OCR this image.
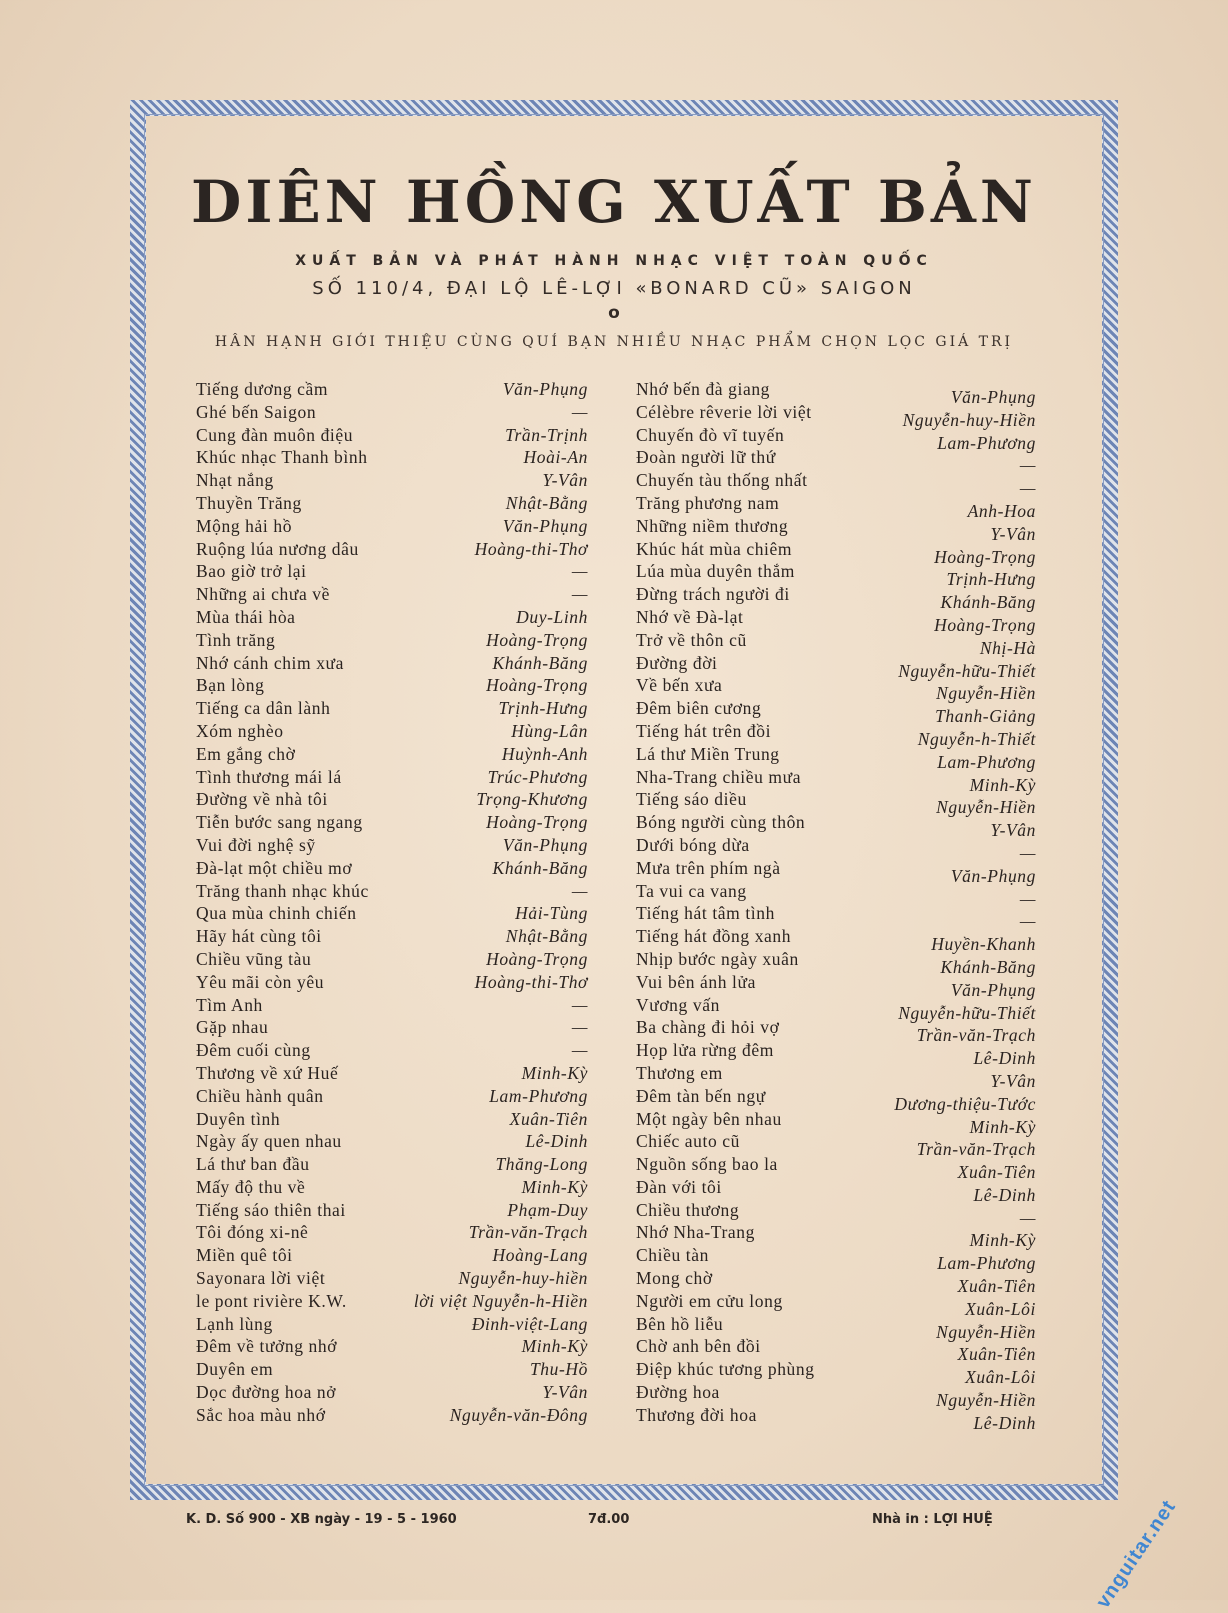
DIÊN HỒNG XUẤT BẢN
XUẤT BẢN VÀ PHÁT HÀNH NHẠC VIỆT TOÀN QUỐC
SỐ 110/4, ĐẠI LỘ LÊ-LỢI «BONARD CŨ» SAIGON
o
HÂN HẠNH GIỚI THIỆU CÙNG QUÍ BẠN NHIỀU NHẠC PHẨM CHỌN LỌC GIÁ TRỊ
Tiếng dương cầm	Văn-Phụng
Ghé bến Saigon	—
Cung đàn muôn điệu	Trần-Trịnh
Khúc nhạc Thanh bình	Hoài-An
Nhạt nắng	Y-Vân
Thuyền Trăng	Nhật-Bằng
Mộng hải hồ	Văn-Phụng
Ruộng lúa nương dâu	Hoàng-thi-Thơ
Bao giờ trở lại	—
Những ai chưa về	—
Mùa thái hòa	Duy-Linh
Tình trăng	Hoàng-Trọng
Nhớ cánh chim xưa	Khánh-Băng
Bạn lòng	Hoàng-Trọng
Tiếng ca dân lành	Trịnh-Hưng
Xóm nghèo	Hùng-Lân
Em gắng chờ	Huỳnh-Anh
Tình thương mái lá	Trúc-Phương
Đường về nhà tôi	Trọng-Khương
Tiễn bước sang ngang	Hoàng-Trọng
Vui đời nghệ sỹ	Văn-Phụng
Đà-lạt một chiều mơ	Khánh-Băng
Trăng thanh nhạc khúc	—
Qua mùa chinh chiến	Hải-Tùng
Hãy hát cùng tôi	Nhật-Bằng
Chiều vũng tàu	Hoàng-Trọng
Yêu mãi còn yêu	Hoàng-thi-Thơ
Tìm Anh	—
Gặp nhau	—
Đêm cuối cùng	—
Thương về xứ Huế	Minh-Kỳ
Chiều hành quân	Lam-Phương
Duyên tình	Xuân-Tiên
Ngày ấy quen nhau	Lê-Dinh
Lá thư ban đầu	Thăng-Long
Mấy độ thu về	Minh-Kỳ
Tiếng sáo thiên thai	Phạm-Duy
Tôi đóng xi-nê	Trần-văn-Trạch
Miền quê tôi	Hoàng-Lang
Sayonara lời việt	Nguyễn-huy-hiền
le pont rivière K.W.	lời việt Nguyễn-h-Hiền
Lạnh lùng	Đinh-việt-Lang
Đêm về tưởng nhớ	Minh-Kỳ
Duyên em	Thu-Hồ
Dọc đường hoa nở	Y-Vân
Sắc hoa màu nhớ	Nguyễn-văn-Đông
Nhớ bến đà giang	Văn-Phụng
Célèbre rêverie lời việt	Nguyễn-huy-Hiền
Chuyến đò vĩ tuyến	Lam-Phương
Đoàn người lữ thứ	—
Chuyến tàu thống nhất	—
Trăng phương nam	Anh-Hoa
Những niềm thương	Y-Vân
Khúc hát mùa chiêm	Hoàng-Trọng
Lúa mùa duyên thắm	Trịnh-Hưng
Đừng trách người đi	Khánh-Băng
Nhớ về Đà-lạt	Hoàng-Trọng
Trở về thôn cũ	Nhị-Hà
Đường đời	Nguyễn-hữu-Thiết
Về bến xưa	Nguyễn-Hiền
Đêm biên cương	Thanh-Giảng
Tiếng hát trên đồi	Nguyễn-h-Thiết
Lá thư Miền Trung	Lam-Phương
Nha-Trang chiều mưa	Minh-Kỳ
Tiếng sáo diều	Nguyễn-Hiền
Bóng người cùng thôn	Y-Vân
Dưới bóng dừa	—
Mưa trên phím ngà	Văn-Phụng
Ta vui ca vang	—
Tiếng hát tâm tình	—
Tiếng hát đồng xanh	Huyền-Khanh
Nhịp bước ngày xuân	Khánh-Băng
Vui bên ánh lửa	Văn-Phụng
Vương vấn	Nguyễn-hữu-Thiết
Ba chàng đi hỏi vợ	Trần-văn-Trạch
Họp lửa rừng đêm	Lê-Dinh
Thương em	Y-Vân
Đêm tàn bến ngự	Dương-thiệu-Tước
Một ngày bên nhau	Minh-Kỳ
Chiếc auto cũ	Trần-văn-Trạch
Nguồn sống bao la	Xuân-Tiên
Đàn với tôi	Lê-Dinh
Chiều thương	—
Nhớ Nha-Trang	Minh-Kỳ
Chiều tàn	Lam-Phương
Mong chờ	Xuân-Tiên
Người em cửu long	Xuân-Lôi
Bên hồ liễu	Nguyễn-Hiền
Chờ anh bên đồi	Xuân-Tiên
Điệp khúc tương phùng	Xuân-Lôi
Đường hoa	Nguyễn-Hiền
Thương đời hoa	Lê-Dinh
K. D. Số 900 - XB ngày - 19 - 5 - 1960	7đ.00	Nhà in : LỢI HUỆ	vnguitar.net
